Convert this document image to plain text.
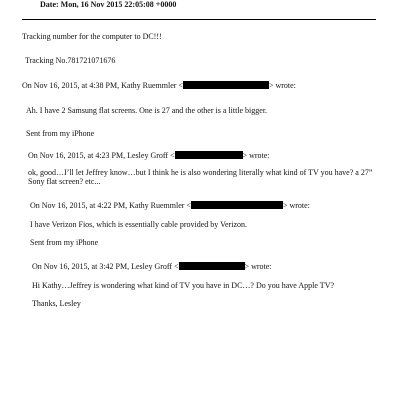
Date: Mon, 16 Nov 2015 22:05:08 +0000
Tracking number for the computer to DC!!!
Tracking No.781721071676
On Nov 16, 2015, at 4:38 PM, Kathy Ruemmler <	> wrote:
Ah. I have 2 Samsung flat screens. One is 27 and the other is a little bigger.
Sent from my iPhone
On Nov 16, 2015, at 4:23 PM, Lesley Groff <	> wrote:
ok, good…I’ll let Jeffrey know…but I think he is also wondering literally what kind of TV you have? a 27”
Sony flat screen? etc...
On Nov 16, 2015, at 4:22 PM, Kathy Ruemmler <	> wrote:
I have Verizon Fios, which is essentially cable provided by Verizon.
Sent from my iPhone
On Nov 16, 2015, at 3:42 PM, Lesley Groff <	> wrote:
Hi Kathy…Jeffrey is wondering what kind of TV you have in DC…? Do you have Apple TV?
Thanks, Lesley
